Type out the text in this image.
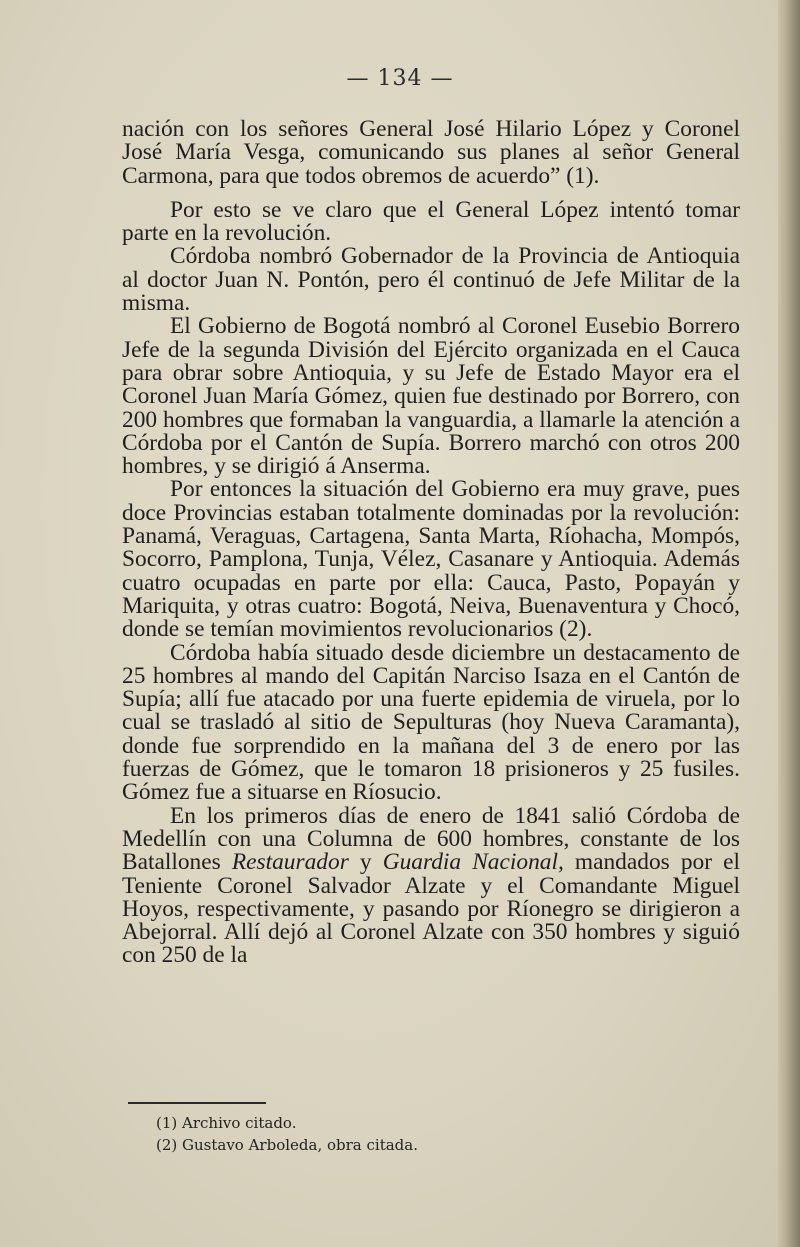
— 134 —

nación con los señores General José Hilario López y Coronel José María Vesga, comunicando sus planes al señor General Carmona, para que todos obremos de acuerdo” (1).

Por esto se ve claro que el General López intentó tomar parte en la revolución.

Córdoba nombró Gobernador de la Provincia de Antioquia al doctor Juan N. Pontón, pero él continuó de Jefe Militar de la misma.

El Gobierno de Bogotá nombró al Coronel Eusebio Borrero Jefe de la segunda División del Ejército organizada en el Cauca para obrar sobre Antioquia, y su Jefe de Estado Mayor era el Coronel Juan María Gómez, quien fue destinado por Borrero, con 200 hombres que formaban la vanguardia, a llamarle la atención a Córdoba por el Cantón de Supía. Borrero marchó con otros 200 hombres, y se dirigió á Anserma.

Por entonces la situación del Gobierno era muy grave, pues doce Provincias estaban totalmente dominadas por la revolución: Panamá, Veraguas, Cartagena, Santa Marta, Ríohacha, Mompós, Socorro, Pamplona, Tunja, Vélez, Casanare y Antioquia. Además cuatro ocupadas en parte por ella: Cauca, Pasto, Popayán y Mariquita, y otras cuatro: Bogotá, Neiva, Buenaventura y Chocó, donde se temían movimientos revolucionarios (2).

Córdoba había situado desde diciembre un destacamento de 25 hombres al mando del Capitán Narciso Isaza en el Cantón de Supía; allí fue atacado por una fuerte epidemia de viruela, por lo cual se trasladó al sitio de Sepulturas (hoy Nueva Caramanta), donde fue sorprendido en la mañana del 3 de enero por las fuerzas de Gómez, que le tomaron 18 prisioneros y 25 fusiles. Gómez fue a situarse en Ríosucio.

En los primeros días de enero de 1841 salió Córdoba de Medellín con una Columna de 600 hombres, constante de los Batallones Restaurador y Guardia Nacional, mandados por el Teniente Coronel Salvador Alzate y el Comandante Miguel Hoyos, respectivamente, y pasando por Ríonegro se dirigieron a Abejorral. Allí dejó al Coronel Alzate con 350 hombres y siguió con 250 de la

(1) Archivo citado.
(2) Gustavo Arboleda, obra citada.
